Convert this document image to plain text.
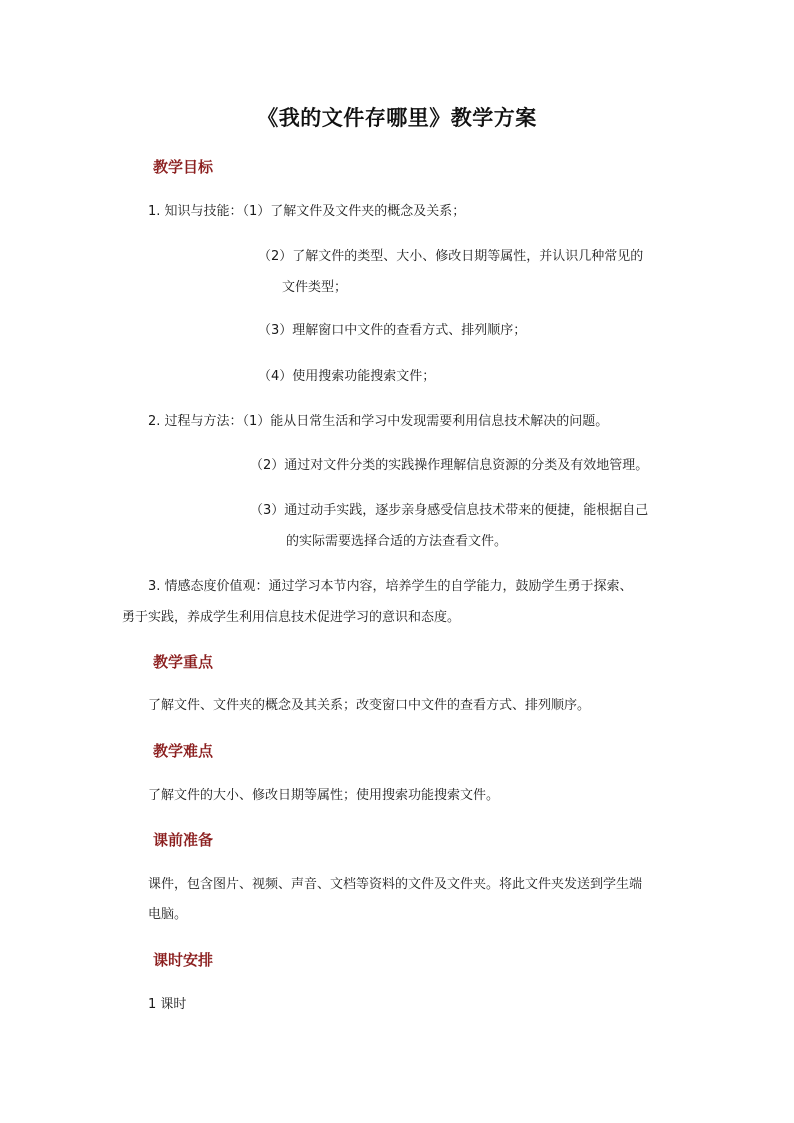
《我的文件存哪里》教学方案
教学目标
1. 知识与技能：（1）了解文件及文件夹的概念及关系；
（2）了解文件的类型、大小、修改日期等属性，并认识几种常见的
文件类型；
（3）理解窗口中文件的查看方式、排列顺序；
（4）使用搜索功能搜索文件；
2. 过程与方法：（1）能从日常生活和学习中发现需要利用信息技术解决的问题。
（2）通过对文件分类的实践操作理解信息资源的分类及有效地管理。
（3）通过动手实践，逐步亲身感受信息技术带来的便捷，能根据自己
的实际需要选择合适的方法查看文件。
3. 情感态度价值观：通过学习本节内容，培养学生的自学能力，鼓励学生勇于探索、
勇于实践，养成学生利用信息技术促进学习的意识和态度。
教学重点
了解文件、文件夹的概念及其关系；改变窗口中文件的查看方式、排列顺序。
教学难点
了解文件的大小、修改日期等属性；使用搜索功能搜索文件。
课前准备
课件，包含图片、视频、声音、文档等资料的文件及文件夹。将此文件夹发送到学生端
电脑。
课时安排
1 课时
